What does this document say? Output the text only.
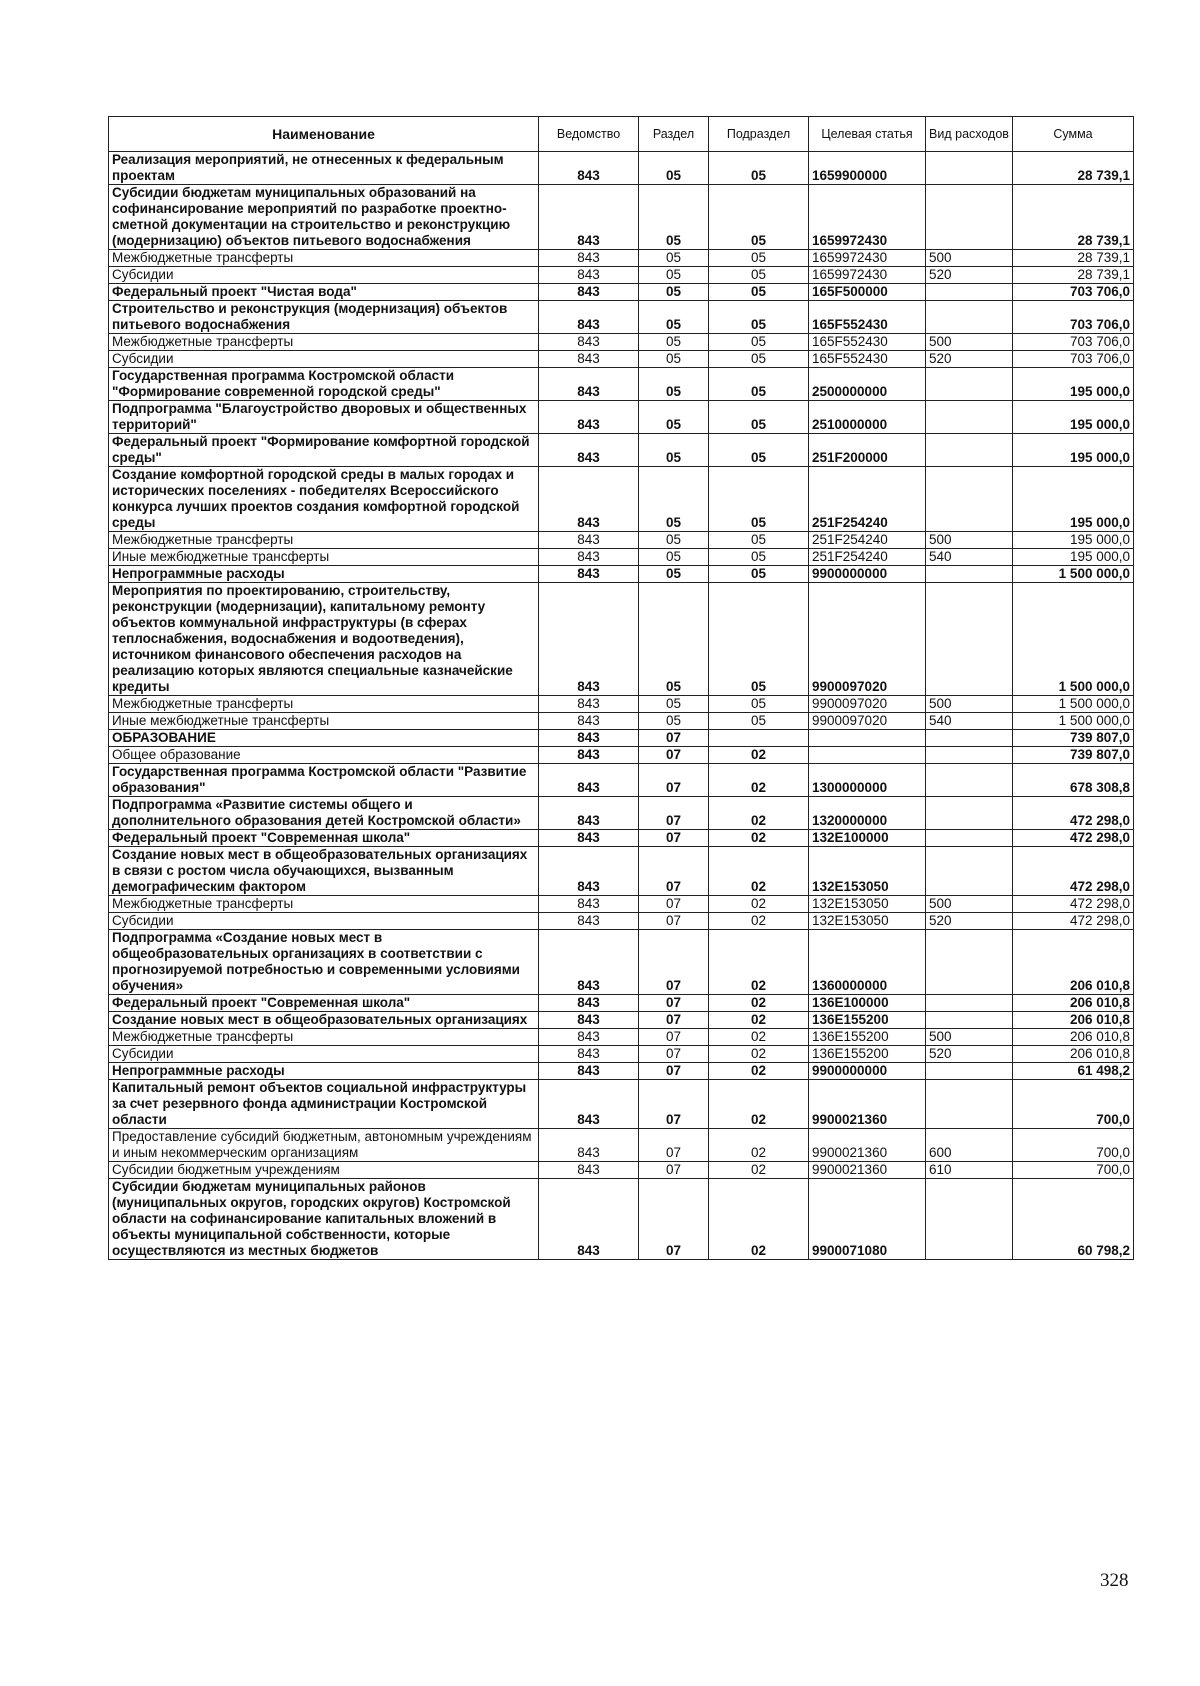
Наименование	Ведомство	Раздел	Подраздел	Целевая статья	Вид расходов	Сумма
Реализация мероприятий, не отнесенных к федеральным проектам	843	05	05	1659900000		28 739,1
Субсидии бюджетам муниципальных образований на софинансирование мероприятий по разработке проектно-сметной документации на строительство и реконструкцию (модернизацию) объектов питьевого водоснабжения	843	05	05	1659972430		28 739,1
Межбюджетные трансферты	843	05	05	1659972430	500	28 739,1
Субсидии	843	05	05	1659972430	520	28 739,1
Федеральный проект "Чистая вода"	843	05	05	165F500000		703 706,0
Строительство и реконструкция (модернизация) объектов питьевого водоснабжения	843	05	05	165F552430		703 706,0
Межбюджетные трансферты	843	05	05	165F552430	500	703 706,0
Субсидии	843	05	05	165F552430	520	703 706,0
Государственная программа Костромской области "Формирование современной городской среды"	843	05	05	2500000000		195 000,0
Подпрограмма "Благоустройство дворовых и общественных территорий"	843	05	05	2510000000		195 000,0
Федеральный проект "Формирование комфортной городской среды"	843	05	05	251F200000		195 000,0
Создание комфортной городской среды в малых городах и исторических поселениях - победителях Всероссийского конкурса лучших проектов создания комфортной городской среды	843	05	05	251F254240		195 000,0
Межбюджетные трансферты	843	05	05	251F254240	500	195 000,0
Иные межбюджетные трансферты	843	05	05	251F254240	540	195 000,0
Непрограммные расходы	843	05	05	9900000000		1 500 000,0
Мероприятия по проектированию, строительству, реконструкции (модернизации), капитальному ремонту объектов коммунальной инфраструктуры (в сферах теплоснабжения, водоснабжения и водоотведения), источником финансового обеспечения расходов на реализацию которых являются специальные казначейские кредиты	843	05	05	9900097020		1 500 000,0
Межбюджетные трансферты	843	05	05	9900097020	500	1 500 000,0
Иные межбюджетные трансферты	843	05	05	9900097020	540	1 500 000,0
ОБРАЗОВАНИЕ	843	07				739 807,0
Общее образование	843	07	02			739 807,0
Государственная программа Костромской области "Развитие образования"	843	07	02	1300000000		678 308,8
Подпрограмма «Развитие системы общего и дополнительного образования детей Костромской области»	843	07	02	1320000000		472 298,0
Федеральный проект "Современная школа"	843	07	02	132E100000		472 298,0
Создание новых мест в общеобразовательных организациях в связи с ростом числа обучающихся, вызванным демографическим фактором	843	07	02	132E153050		472 298,0
Межбюджетные трансферты	843	07	02	132E153050	500	472 298,0
Субсидии	843	07	02	132E153050	520	472 298,0
Подпрограмма «Создание новых мест в общеобразовательных организациях в соответствии с прогнозируемой потребностью и современными условиями обучения»	843	07	02	1360000000		206 010,8
Федеральный проект "Современная школа"	843	07	02	136E100000		206 010,8
Создание новых мест в общеобразовательных организациях	843	07	02	136E155200		206 010,8
Межбюджетные трансферты	843	07	02	136E155200	500	206 010,8
Субсидии	843	07	02	136E155200	520	206 010,8
Непрограммные расходы	843	07	02	9900000000		61 498,2
Капитальный ремонт объектов социальной инфраструктуры за счет резервного фонда администрации Костромской области	843	07	02	9900021360		700,0
Предоставление субсидий бюджетным, автономным учреждениям и иным некоммерческим организациям	843	07	02	9900021360	600	700,0
Субсидии бюджетным учреждениям	843	07	02	9900021360	610	700,0
Субсидии бюджетам муниципальных районов (муниципальных округов, городских округов) Костромской области на софинансирование капитальных вложений в объекты муниципальной собственности, которые осуществляются из местных бюджетов	843	07	02	9900071080		60 798,2
328
